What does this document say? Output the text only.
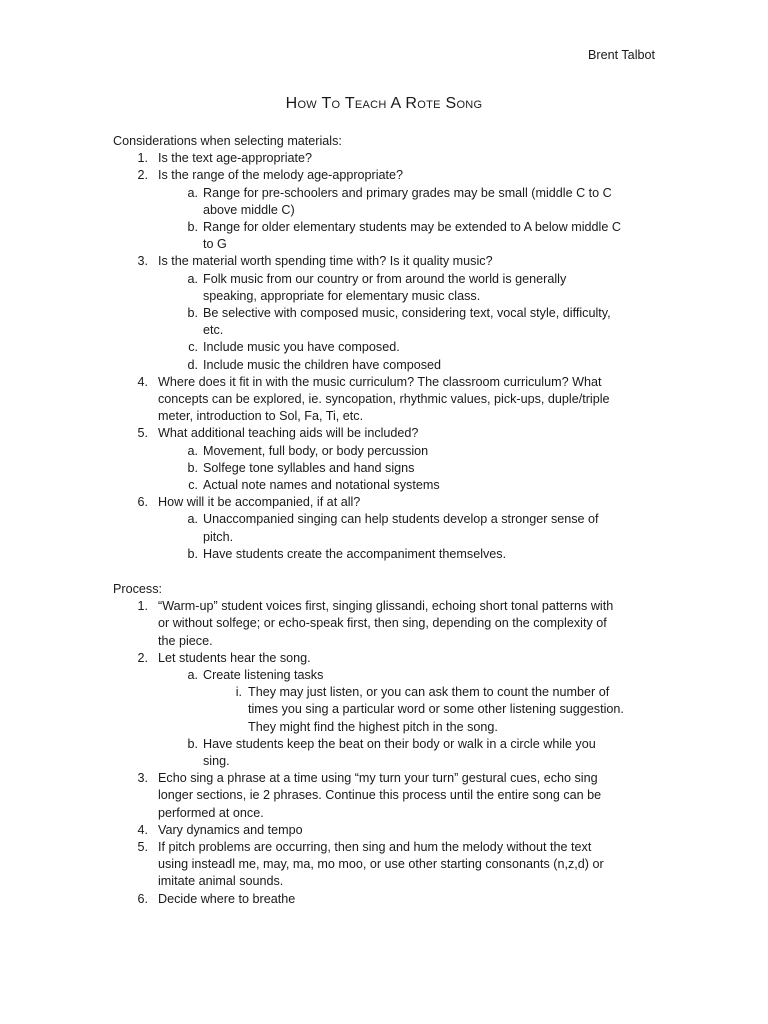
Brent Talbot
How To Teach A Rote Song
Considerations when selecting materials:
1. Is the text age-appropriate?
2. Is the range of the melody age-appropriate?
a. Range for pre-schoolers and primary grades may be small (middle C to C
above middle C)
b. Range for older elementary students may be extended to A below middle C
to G
3. Is the material worth spending time with? Is it quality music?
a. Folk music from our country or from around the world is generally
speaking, appropriate for elementary music class.
b. Be selective with composed music, considering text, vocal style, difficulty,
etc.
c. Include music you have composed.
d. Include music the children have composed
4. Where does it fit in with the music curriculum? The classroom curriculum? What
concepts can be explored, ie. syncopation, rhythmic values, pick-ups, duple/triple
meter, introduction to Sol, Fa, Ti, etc.
5. What additional teaching aids will be included?
a. Movement, full body, or body percussion
b. Solfege tone syllables and hand signs
c. Actual note names and notational systems
6. How will it be accompanied, if at all?
a. Unaccompanied singing can help students develop a stronger sense of
pitch.
b. Have students create the accompaniment themselves.
Process:
1. “Warm-up” student voices first, singing glissandi, echoing short tonal patterns with
or without solfege; or echo-speak first, then sing, depending on the complexity of
the piece.
2. Let students hear the song.
a. Create listening tasks
i. They may just listen, or you can ask them to count the number of
times you sing a particular word or some other listening suggestion.
They might find the highest pitch in the song.
b. Have students keep the beat on their body or walk in a circle while you
sing.
3. Echo sing a phrase at a time using “my turn your turn” gestural cues, echo sing
longer sections, ie 2 phrases. Continue this process until the entire song can be
performed at once.
4. Vary dynamics and tempo
5. If pitch problems are occurring, then sing and hum the melody without the text
using insteadl me, may, ma, mo moo, or use other starting consonants (n,z,d) or
imitate animal sounds.
6. Decide where to breathe
